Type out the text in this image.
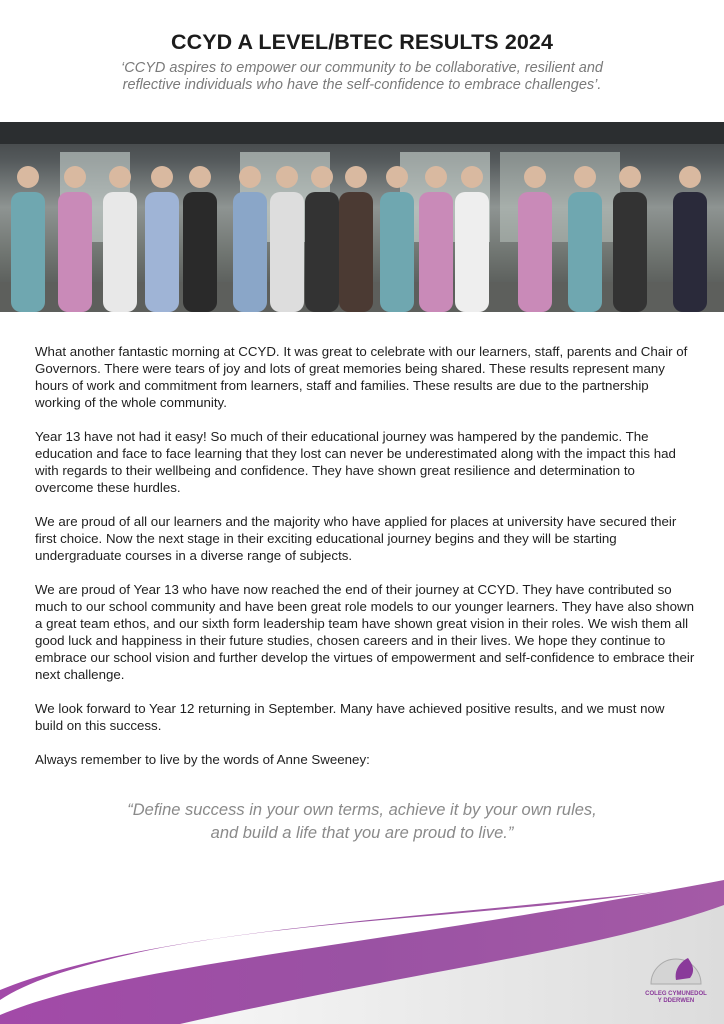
CCYD A LEVEL/BTEC RESULTS 2024
‘CCYD aspires to empower our community to be collaborative, resilient and
reflective individuals who have the self-confidence to embrace challenges’.

What another fantastic morning at CCYD. It was great to celebrate with our learners, staff, parents and Chair of Governors. There were tears of joy and lots of great memories being shared. These results represent many hours of work and commitment from learners, staff and families. These results are due to the partnership working of the whole community.

Year 13 have not had it easy! So much of their educational journey was hampered by the pandemic. The education and face to face learning that they lost can never be underestimated along with the impact this had with regards to their wellbeing and confidence. They have shown great resilience and determination to overcome these hurdles.

We are proud of all our learners and the majority who have applied for places at university have secured their first choice. Now the next stage in their exciting educational journey begins and they will be starting undergraduate courses in a diverse range of subjects.

We are proud of Year 13 who have now reached the end of their journey at CCYD. They have contributed so much to our school community and have been great role models to our younger learners. They have also shown a great team ethos, and our sixth form leadership team have shown great vision in their roles. We wish them all good luck and happiness in their future studies, chosen careers and in their lives. We hope they continue to embrace our school vision and further develop the virtues of empowerment and self-confidence to embrace their next challenge.

We look forward to Year 12 returning in September. Many have achieved positive results, and we must now build on this success.

Always remember to live by the words of Anne Sweeney:

“Define success in your own terms, achieve it by your own rules,
and build a life that you are proud to live.”
COLEG CYMUNEDOL
Y DDERWEN
